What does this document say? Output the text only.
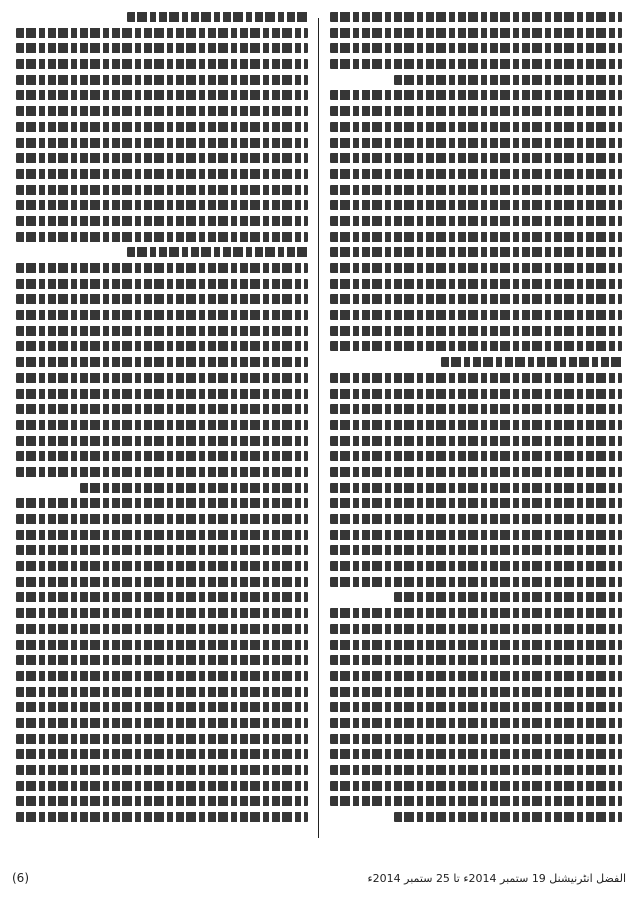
(6)	الفضل انٹرنیشنل 19 ستمبر 2014ء تا 25 ستمبر 2014ء
